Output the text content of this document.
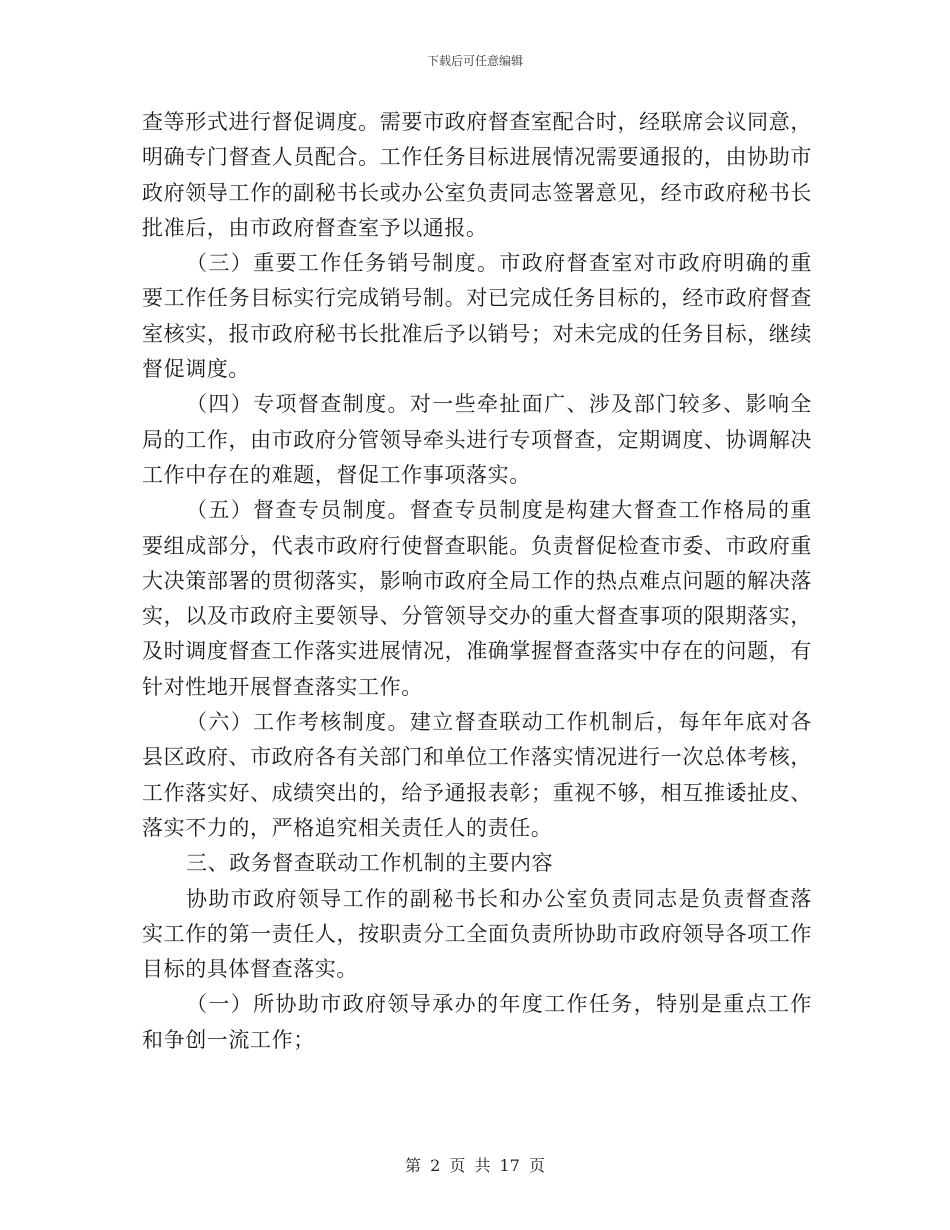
下载后可任意编辑

查等形式进行督促调度。需要市政府督查室配合时，经联席会议同意，明确专门督查人员配合。工作任务目标进展情况需要通报的，由协助市政府领导工作的副秘书长或办公室负责同志签署意见，经市政府秘书长批准后，由市政府督查室予以通报。

（三）重要工作任务销号制度。市政府督查室对市政府明确的重要工作任务目标实行完成销号制。对已完成任务目标的，经市政府督查室核实，报市政府秘书长批准后予以销号；对未完成的任务目标，继续督促调度。

（四）专项督查制度。对一些牵扯面广、涉及部门较多、影响全局的工作，由市政府分管领导牵头进行专项督查，定期调度、协调解决工作中存在的难题，督促工作事项落实。

（五）督查专员制度。督查专员制度是构建大督查工作格局的重要组成部分，代表市政府行使督查职能。负责督促检查市委、市政府重大决策部署的贯彻落实，影响市政府全局工作的热点难点问题的解决落实，以及市政府主要领导、分管领导交办的重大督查事项的限期落实，及时调度督查工作落实进展情况，准确掌握督查落实中存在的问题，有针对性地开展督查落实工作。

（六）工作考核制度。建立督查联动工作机制后，每年年底对各县区政府、市政府各有关部门和单位工作落实情况进行一次总体考核，工作落实好、成绩突出的，给予通报表彰；重视不够，相互推诿扯皮、落实不力的，严格追究相关责任人的责任。

三、政务督查联动工作机制的主要内容

协助市政府领导工作的副秘书长和办公室负责同志是负责督查落实工作的第一责任人，按职责分工全面负责所协助市政府领导各项工作目标的具体督查落实。

（一）所协助市政府领导承办的年度工作任务，特别是重点工作和争创一流工作；

第 2 页 共 17 页
